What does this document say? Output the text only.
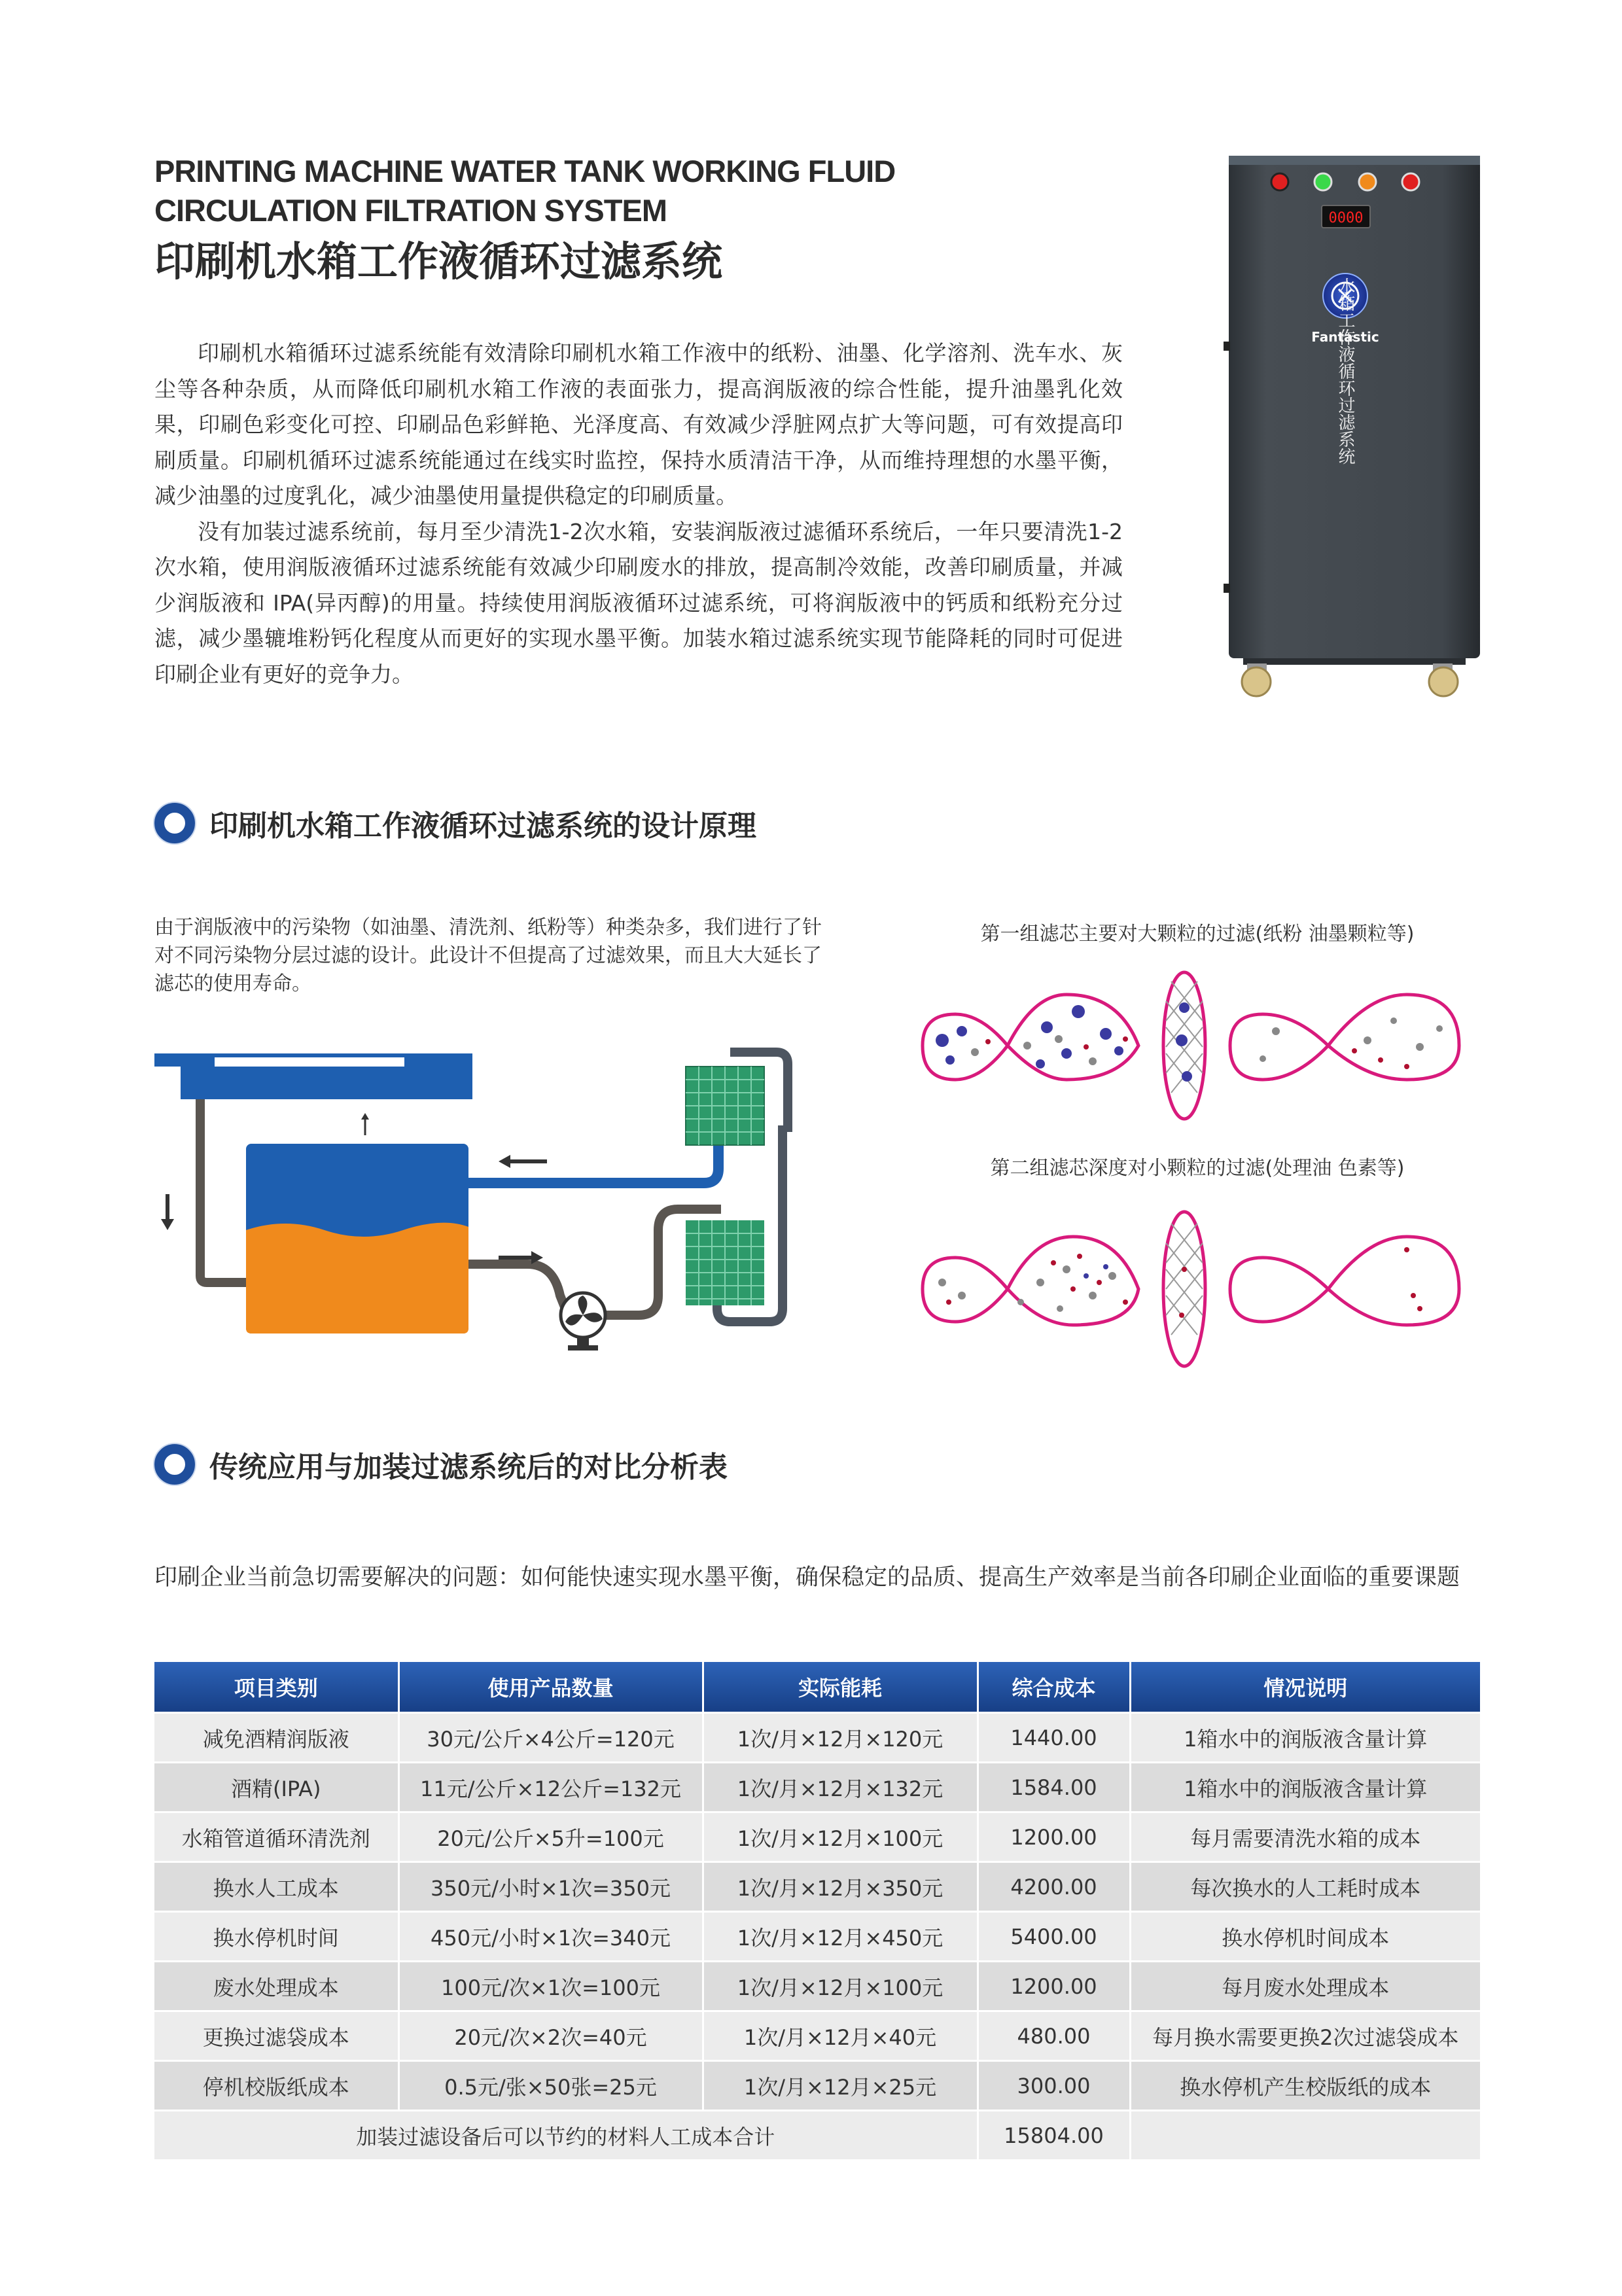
PRINTING MACHINE WATER TANK WORKING FLUID
CIRCULATION FILTRATION SYSTEM
印刷机水箱工作液循环过滤系统

印刷机水箱循环过滤系统能有效清除印刷机水箱工作液中的纸粉、油墨、化学溶剂、洗车水、灰尘等各种杂质，从而降低印刷机水箱工作液的表面张力，提高润版液的综合性能，提升油墨乳化效果，印刷色彩变化可控、印刷品色彩鲜艳、光泽度高、有效减少浮脏网点扩大等问题，可有效提高印刷质量。印刷机循环过滤系统能通过在线实时监控，保持水质清洁干净，从而维持理想的水墨平衡，减少油墨的过度乳化，减少油墨使用量提供稳定的印刷质量。

没有加装过滤系统前，每月至少清洗1-2次水箱，安装润版液过滤循环系统后，一年只要清洗1-2次水箱，使用润版液循环过滤系统能有效减少印刷废水的排放，提高制冷效能，改善印刷质量，并减少润版液和 IPA(异丙醇)的用量。持续使用润版液循环过滤系统，可将润版液中的钙质和纸粉充分过滤，减少墨辘堆粉钙化程度从而更好的实现水墨平衡。加装水箱过滤系统实现节能降耗的同时可促进印刷企业有更好的竞争力。

0000
Fantastic
水箱工作液循环过滤系统
印刷机水箱工作液循环过滤系统的设计原理
由于润版液中的污染物（如油墨、清洗剂、纸粉等）种类杂多，我们进行了针对不同污染物分层过滤的设计。此设计不但提高了过滤效果，而且大大延长了滤芯的使用寿命。
第一组滤芯主要对大颗粒的过滤(纸粉 油墨颗粒等)
第二组滤芯深度对小颗粒的过滤(处理油 色素等)
传统应用与加装过滤系统后的对比分析表
印刷企业当前急切需要解决的问题：如何能快速实现水墨平衡，确保稳定的品质、提高生产效率是当前各印刷企业面临的重要课题
项目类别	使用产品数量	实际能耗	综合成本	情况说明
减免酒精润版液	30元/公斤×4公斤=120元	1次/月×12月×120元	1440.00	1箱水中的润版液含量计算
酒精(IPA)	11元/公斤×12公斤=132元	1次/月×12月×132元	1584.00	1箱水中的润版液含量计算
水箱管道循环清洗剂	20元/公斤×5升=100元	1次/月×12月×100元	1200.00	每月需要清洗水箱的成本
换水人工成本	350元/小时×1次=350元	1次/月×12月×350元	4200.00	每次换水的人工耗时成本
换水停机时间	450元/小时×1次=340元	1次/月×12月×450元	5400.00	换水停机时间成本
废水处理成本	100元/次×1次=100元	1次/月×12月×100元	1200.00	每月废水处理成本
更换过滤袋成本	20元/次×2次=40元	1次/月×12月×40元	480.00	每月换水需要更换2次过滤袋成本
停机校版纸成本	0.5元/张×50张=25元	1次/月×12月×25元	300.00	换水停机产生校版纸的成本
加装过滤设备后可以节约的材料人工成本合计			15804.00	
